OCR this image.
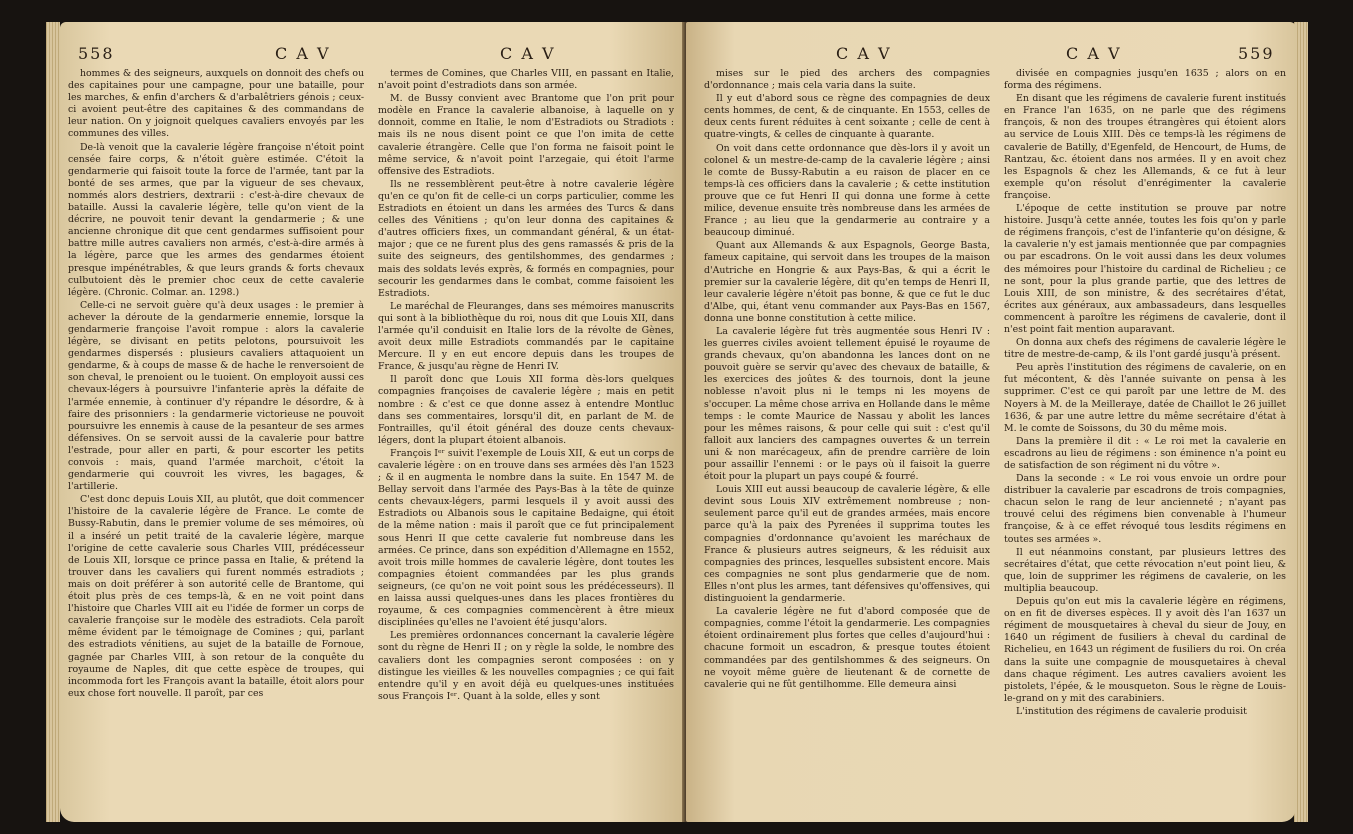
558	C A V	C A V

hommes & des seigneurs, auxquels on donnoit des chefs ou des capitaines pour une campagne, pour une bataille, pour les marches, & enfin d'archers & d'arbalêtriers génois ; ceux-ci avoient peut-être des capitaines & des commandans de leur nation. On y joignoit quelques cavaliers envoyés par les communes des villes.

De-là venoit que la cavalerie légère françoise n'étoit point censée faire corps, & n'étoit guère estimée. C'étoit la gendarmerie qui faisoit toute la force de l'armée, tant par la bonté de ses armes, que par la vigueur de ses chevaux, nommés alors destriers, dextrarii : c'est-à-dire chevaux de bataille. Aussi la cavalerie légère, telle qu'on vient de la décrire, ne pouvoit tenir devant la gendarmerie ; & une ancienne chronique dit que cent gendarmes suffisoient pour battre mille autres cavaliers non armés, c'est-à-dire armés à la légère, parce que les armes des gendarmes étoient presque impénétrables, & que leurs grands & forts chevaux culbutoient dès le premier choc ceux de cette cavalerie légère. (Chronic. Colmar. an. 1298.)

Celle-ci ne servoit guère qu'à deux usages : le premier à achever la déroute de la gendarmerie ennemie, lorsque la gendarmerie françoise l'avoit rompue : alors la cavalerie légère, se divisant en petits pelotons, poursuivoit les gendarmes dispersés : plusieurs cavaliers attaquoient un gendarme, & à coups de masse & de hache le renversoient de son cheval, le prenoient ou le tuoient. On employoit aussi ces chevaux-légers à poursuivre l'infanterie après la défaite de l'armée ennemie, à continuer d'y répandre le désordre, & à faire des prisonniers : la gendarmerie victorieuse ne pouvoit poursuivre les ennemis à cause de la pesanteur de ses armes défensives. On se servoit aussi de la cavalerie pour battre l'estrade, pour aller en parti, & pour escorter les petits convois : mais, quand l'armée marchoit, c'étoit la gendarmerie qui couvroit les vivres, les bagages, & l'artillerie.

C'est donc depuis Louis XII, au plutôt, que doit commencer l'histoire de la cavalerie légère de France. Le comte de Bussy-Rabutin, dans le premier volume de ses mémoires, où il a inséré un petit traité de la cavalerie légère, marque l'origine de cette cavalerie sous Charles VIII, prédécesseur de Louis XII, lorsque ce prince passa en Italie, & prétend la trouver dans les cavaliers qui furent nommés estradiots ; mais on doit préférer à son autorité celle de Brantome, qui étoit plus près de ces temps-là, & en ne voit point dans l'histoire que Charles VIII ait eu l'idée de former un corps de cavalerie françoise sur le modèle des estradiots. Cela paroît même évident par le témoignage de Comines ; qui, parlant des estradiots vénitiens, au sujet de la bataille de Fornoue, gagnée par Charles VIII, à son retour de la conquête du royaume de Naples, dit que cette espèce de troupes, qui incommoda fort les François avant la bataille, étoit alors pour eux chose fort nouvelle. Il paroît, par ces

termes de Comines, que Charles VIII, en passant en Italie, n'avoit point d'estradiots dans son armée.

M. de Bussy convient avec Brantome que l'on prit pour modèle en France la cavalerie albanoise, à laquelle on y donnoit, comme en Italie, le nom d'Estradiots ou Stradiots : mais ils ne nous disent point ce que l'on imita de cette cavalerie étrangère. Celle que l'on forma ne faisoit point le même service, & n'avoit point l'arzegaie, qui étoit l'arme offensive des Estradiots.

Ils ne ressemblèrent peut-être à notre cavalerie légère qu'en ce qu'on fit de celle-ci un corps particulier, comme les Estradiots en étoient un dans les armées des Turcs & dans celles des Vénitiens ; qu'on leur donna des capitaines & d'autres officiers fixes, un commandant général, & un état-major ; que ce ne furent plus des gens ramassés & pris de la suite des seigneurs, des gentilshommes, des gendarmes ; mais des soldats levés exprès, & formés en compagnies, pour secourir les gendarmes dans le combat, comme faisoient les Estradiots.

Le maréchal de Fleuranges, dans ses mémoires manuscrits qui sont à la bibliothèque du roi, nous dit que Louis XII, dans l'armée qu'il conduisit en Italie lors de la révolte de Gènes, avoit deux mille Estradiots commandés par le capitaine Mercure. Il y en eut encore depuis dans les troupes de France, & jusqu'au règne de Henri IV.

Il paroît donc que Louis XII forma dès-lors quelques compagnies françoises de cavalerie légère ; mais en petit nombre : & c'est ce que donne assez à entendre Montluc dans ses commentaires, lorsqu'il dit, en parlant de M. de Fontrailles, qu'il étoit général des douze cents chevaux-légers, dont la plupart étoient albanois.

François Iᵉʳ suivit l'exemple de Louis XII, & eut un corps de cavalerie légère : on en trouve dans ses armées dès l'an 1523 ; & il en augmenta le nombre dans la suite. En 1547 M. de Bellay servoit dans l'armée des Pays-Bas à la tête de quinze cents chevaux-légers, parmi lesquels il y avoit aussi des Estradiots ou Albanois sous le capitaine Bedaigne, qui étoit de la même nation : mais il paroît que ce fut principalement sous Henri II que cette cavalerie fut nombreuse dans les armées. Ce prince, dans son expédition d'Allemagne en 1552, avoit trois mille hommes de cavalerie légère, dont toutes les compagnies étoient commandées par les plus grands seigneurs, (ce qu'on ne voit point sous les prédécesseurs). Il en laissa aussi quelques-unes dans les places frontières du royaume, & ces compagnies commencèrent à être mieux disciplinées qu'elles ne l'avoient été jusqu'alors.

Les premières ordonnances concernant la cavalerie légère sont du règne de Henri II ; on y règle la solde, le nombre des cavaliers dont les compagnies seront composées : on y distingue les vieilles & les nouvelles compagnies ; ce qui fait entendre qu'il y en avoit déjà eu quelques-unes instituées sous François Iᵉʳ. Quant à la solde, elles y sont

C A V	C A V	559

mises sur le pied des archers des compagnies d'ordonnance ; mais cela varia dans la suite.

Il y eut d'abord sous ce règne des compagnies de deux cents hommes, de cent, & de cinquante. En 1553, celles de deux cents furent réduites à cent soixante ; celle de cent à quatre-vingts, & celles de cinquante à quarante.

On voit dans cette ordonnance que dès-lors il y avoit un colonel & un mestre-de-camp de la cavalerie légère ; ainsi le comte de Bussy-Rabutin a eu raison de placer en ce temps-là ces officiers dans la cavalerie ; & cette institution prouve que ce fut Henri II qui donna une forme à cette milice, devenue ensuite très nombreuse dans les armées de France ; au lieu que la gendarmerie au contraire y a beaucoup diminué.

Quant aux Allemands & aux Espagnols, George Basta, fameux capitaine, qui servoit dans les troupes de la maison d'Autriche en Hongrie & aux Pays-Bas, & qui a écrit le premier sur la cavalerie légère, dit qu'en temps de Henri II, leur cavalerie légère n'étoit pas bonne, & que ce fut le duc d'Albe, qui, étant venu commander aux Pays-Bas en 1567, donna une bonne constitution à cette milice.

La cavalerie légère fut très augmentée sous Henri IV : les guerres civiles avoient tellement épuisé le royaume de grands chevaux, qu'on abandonna les lances dont on ne pouvoit guère se servir qu'avec des chevaux de bataille, & les exercices des joûtes & des tournois, dont la jeune noblesse n'avoit plus ni le temps ni les moyens de s'occuper. La même chose arriva en Hollande dans le même temps : le comte Maurice de Nassau y abolit les lances pour les mêmes raisons, & pour celle qui suit : c'est qu'il falloit aux lanciers des campagnes ouvertes & un terrein uni & non marécageux, afin de prendre carrière de loin pour assaillir l'ennemi : or le pays où il faisoit la guerre étoit pour la plupart un pays coupé & fourré.

Louis XIII eut aussi beaucoup de cavalerie légère, & elle devint sous Louis XIV extrêmement nombreuse ; non-seulement parce qu'il eut de grandes armées, mais encore parce qu'à la paix des Pyrenées il supprima toutes les compagnies d'ordonnance qu'avoient les maréchaux de France & plusieurs autres seigneurs, & les réduisit aux compagnies des princes, lesquelles subsistent encore. Mais ces compagnies ne sont plus gendarmerie que de nom. Elles n'ont plus les armes, tant défensives qu'offensives, qui distinguoient la gendarmerie.

La cavalerie légère ne fut d'abord composée que de compagnies, comme l'étoit la gendarmerie. Les compagnies étoient ordinairement plus fortes que celles d'aujourd'hui : chacune formoit un escadron, & presque toutes étoient commandées par des gentilshommes & des seigneurs. On ne voyoit même guère de lieutenant & de cornette de cavalerie qui ne fût gentilhomme. Elle demeura ainsi

divisée en compagnies jusqu'en 1635 ; alors on en forma des régimens.

En disant que les régimens de cavalerie furent institués en France l'an 1635, on ne parle que des régimens françois, & non des troupes étrangères qui étoient alors au service de Louis XIII. Dès ce temps-là les régimens de cavalerie de Batilly, d'Egenfeld, de Hencourt, de Hums, de Rantzau, &c. étoient dans nos armées. Il y en avoit chez les Espagnols & chez les Allemands, & ce fut à leur exemple qu'on résolut d'enrégimenter la cavalerie françoise.

L'époque de cette institution se prouve par notre histoire. Jusqu'à cette année, toutes les fois qu'on y parle de régimens françois, c'est de l'infanterie qu'on désigne, & la cavalerie n'y est jamais mentionnée que par compagnies ou par escadrons. On le voit aussi dans les deux volumes des mémoires pour l'histoire du cardinal de Richelieu ; ce ne sont, pour la plus grande partie, que des lettres de Louis XIII, de son ministre, & des secrétaires d'état, écrites aux généraux, aux ambassadeurs, dans lesquelles commencent à paroître les régimens de cavalerie, dont il n'est point fait mention auparavant.

On donna aux chefs des régimens de cavalerie légère le titre de mestre-de-camp, & ils l'ont gardé jusqu'à présent.

Peu après l'institution des régimens de cavalerie, on en fut mécontent, & dès l'année suivante on pensa à les supprimer. C'est ce qui paroît par une lettre de M. des Noyers à M. de la Meilleraye, datée de Chaillot le 26 juillet 1636, & par une autre lettre du même secrétaire d'état à M. le comte de Soissons, du 30 du même mois.

Dans la première il dit : « Le roi met la cavalerie en escadrons au lieu de régimens : son éminence n'a point eu de satisfaction de son régiment ni du vôtre ».

Dans la seconde : « Le roi vous envoie un ordre pour distribuer la cavalerie par escadrons de trois compagnies, chacun selon le rang de leur ancienneté ; n'ayant pas trouvé celui des régimens bien convenable à l'humeur françoise, & à ce effet révoqué tous lesdits régimens en toutes ses armées ».

Il eut néanmoins constant, par plusieurs lettres des secrétaires d'état, que cette révocation n'eut point lieu, & que, loin de supprimer les régimens de cavalerie, on les multiplia beaucoup.

Depuis qu'on eut mis la cavalerie légère en régimens, on en fit de diverses espèces. Il y avoit dès l'an 1637 un régiment de mousquetaires à cheval du sieur de Jouy, en 1640 un régiment de fusiliers à cheval du cardinal de Richelieu, en 1643 un régiment de fusiliers du roi. On créa dans la suite une compagnie de mousquetaires à cheval dans chaque régiment. Les autres cavaliers avoient les pistolets, l'épée, & le mousqueton. Sous le règne de Louis-le-grand on y mit des carabiniers.

L'institution des régimens de cavalerie produisit
